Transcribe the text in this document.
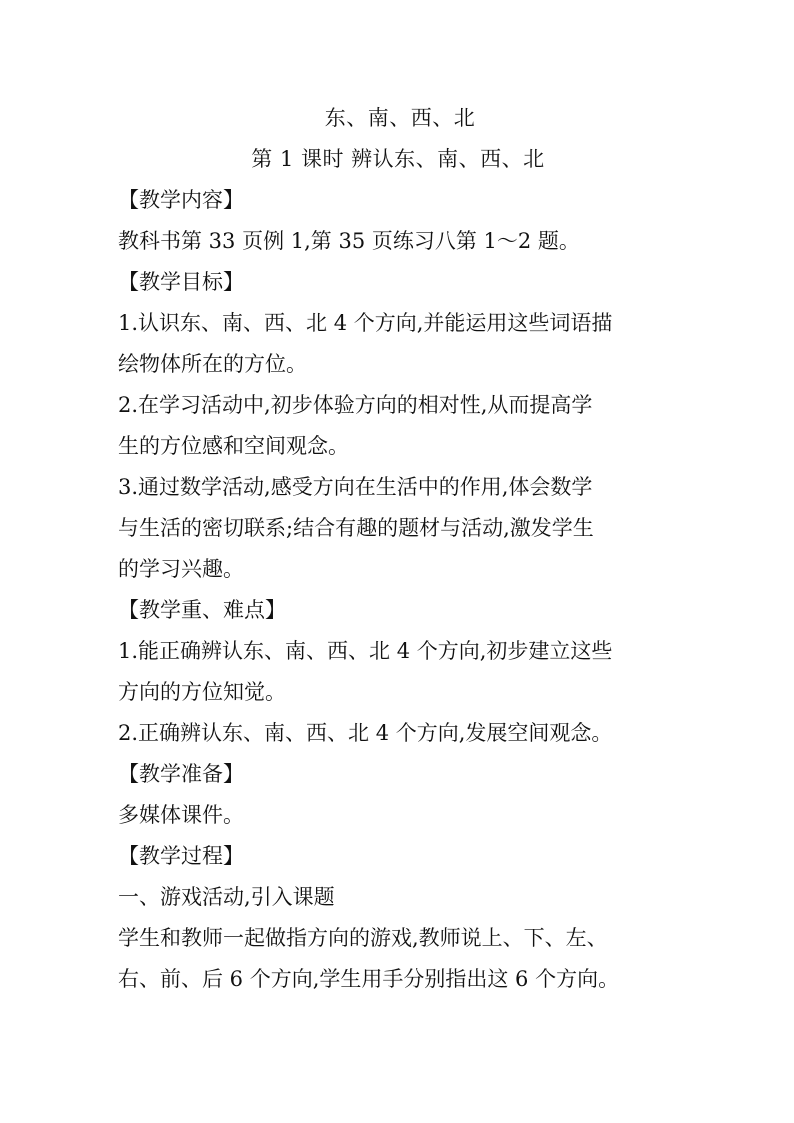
东、南、西、北
第 1 课时 辨认东、南、西、北
【教学内容】
教科书第 33 页例 1,第 35 页练习八第 1～2 题。
【教学目标】
1.认识东、南、西、北 4 个方向,并能运用这些词语描
绘物体所在的方位。
2.在学习活动中,初步体验方向的相对性,从而提高学
生的方位感和空间观念。
3.通过数学活动,感受方向在生活中的作用,体会数学
与生活的密切联系;结合有趣的题材与活动,激发学生
的学习兴趣。
【教学重、难点】
1.能正确辨认东、南、西、北 4 个方向,初步建立这些
方向的方位知觉。
2.正确辨认东、南、西、北 4 个方向,发展空间观念。
【教学准备】
多媒体课件。
【教学过程】
一、游戏活动,引入课题
学生和教师一起做指方向的游戏,教师说上、下、左、
右、前、后 6 个方向,学生用手分别指出这 6 个方向。
